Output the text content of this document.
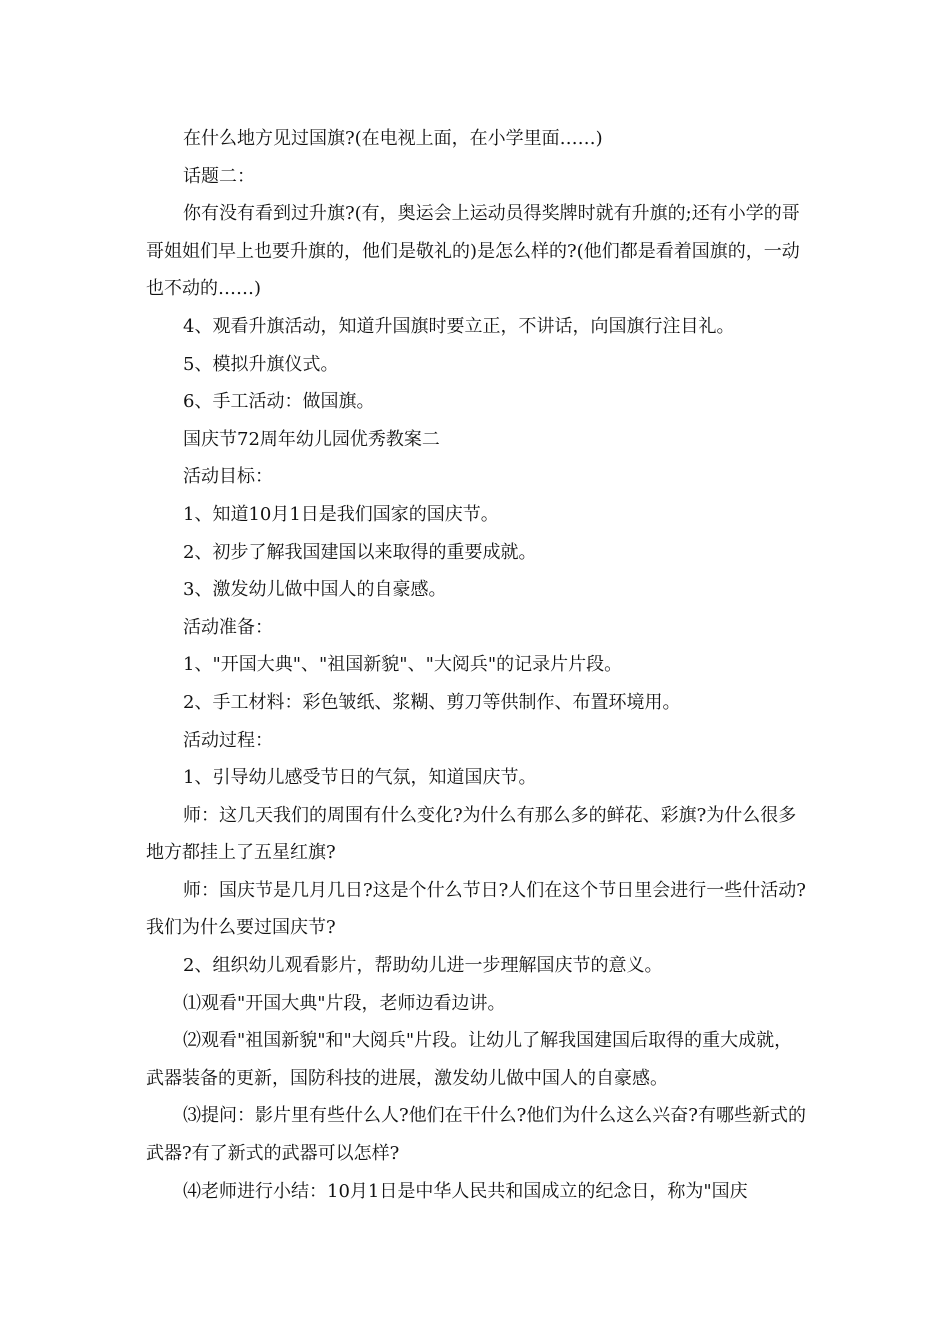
在什么地方见过国旗?(在电视上面，在小学里面……)

话题二：

你有没有看到过升旗?(有，奥运会上运动员得奖牌时就有升旗的;还有小学的哥哥姐姐们早上也要升旗的，他们是敬礼的)是怎么样的?(他们都是看着国旗的，一动也不动的……)

4、观看升旗活动，知道升国旗时要立正，不讲话，向国旗行注目礼。

5、模拟升旗仪式。

6、手工活动：做国旗。

国庆节72周年幼儿园优秀教案二

活动目标：

1、知道10月1日是我们国家的国庆节。

2、初步了解我国建国以来取得的重要成就。

3、激发幼儿做中国人的自豪感。

活动准备：

1、"开国大典"、"祖国新貌"、"大阅兵"的记录片片段。

2、手工材料：彩色皱纸、浆糊、剪刀等供制作、布置环境用。

活动过程：

1、引导幼儿感受节日的气氛，知道国庆节。

师：这几天我们的周围有什么变化?为什么有那么多的鲜花、彩旗?为什么很多地方都挂上了五星红旗?

师：国庆节是几月几日?这是个什么节日?人们在这个节日里会进行一些什活动?我们为什么要过国庆节?

2、组织幼儿观看影片，帮助幼儿进一步理解国庆节的意义。

⑴观看"开国大典"片段，老师边看边讲。

⑵观看"祖国新貌"和"大阅兵"片段。让幼儿了解我国建国后取得的重大成就，武器装备的更新，国防科技的进展，激发幼儿做中国人的自豪感。

⑶提问：影片里有些什么人?他们在干什么?他们为什么这么兴奋?有哪些新式的武器?有了新式的武器可以怎样?

⑷老师进行小结：10月1日是中华人民共和国成立的纪念日，称为"国庆
